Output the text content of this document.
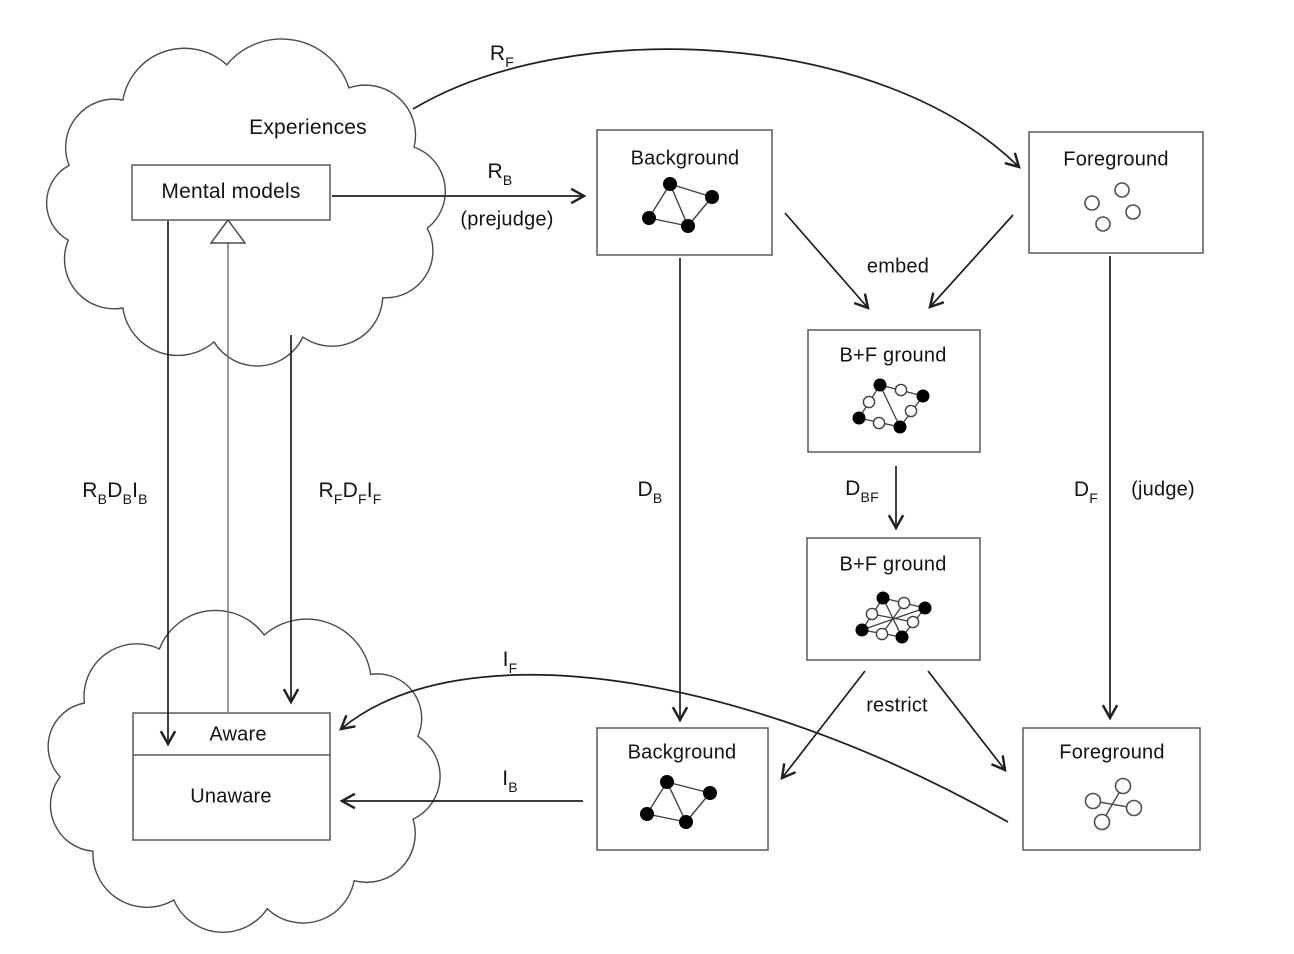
Experiences
Mental models
Background	Foreground
B+F ground
B+F ground
Background	Foreground
Aware
Unaware
$R_F$
$R_B$
(prejudge)
embed
$D_B$	$D_{BF}$	$D_F$ (judge)
restrict
$I_F$
$I_B$
$R_BD_BI_B$	$R_FD_FI_F$
